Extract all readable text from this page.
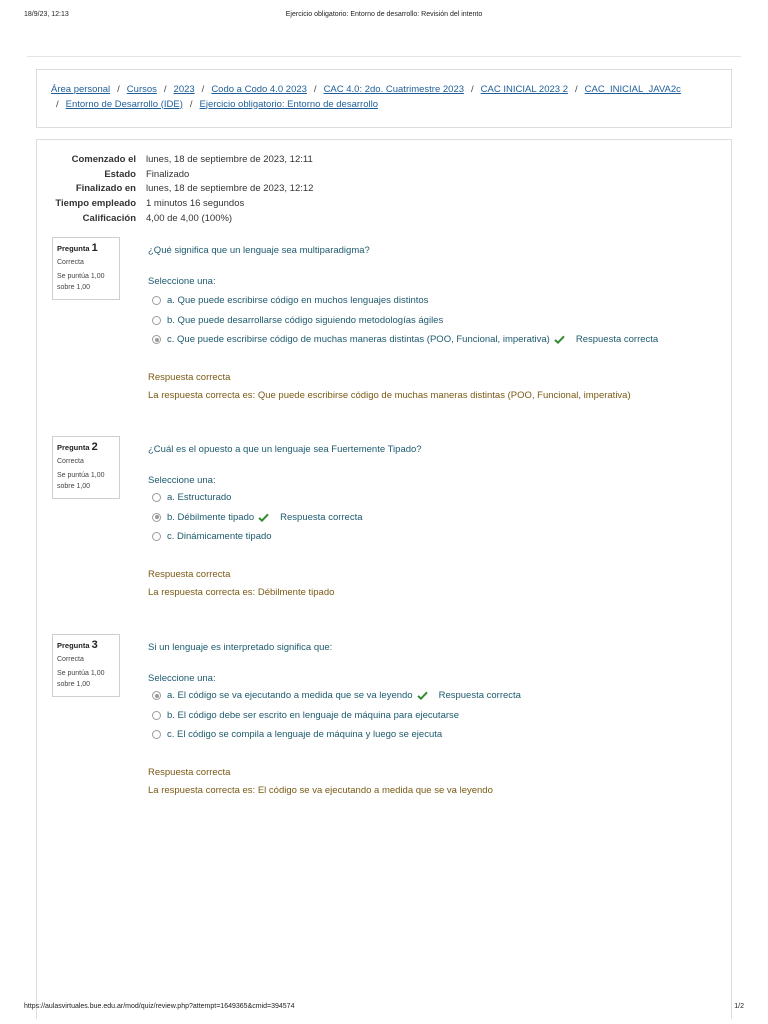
18/9/23, 12:13	Ejercicio obligatorio: Entorno de desarrollo: Revisión del intento
Área personal / Cursos / 2023 / Codo a Codo 4.0 2023 / CAC 4.0: 2do. Cuatrimestre 2023 / CAC INICIAL 2023 2 / CAC_INICIAL_JAVA2c
/ Entorno de Desarrollo (IDE) / Ejercicio obligatorio: Entorno de desarrollo
Comenzado el	lunes, 18 de septiembre de 2023, 12:11
Estado	Finalizado
Finalizado en	lunes, 18 de septiembre de 2023, 12:12
Tiempo empleado	1 minutos 16 segundos
Calificación	4,00 de 4,00 (100%)
Pregunta 1
Correcta
Se puntúa 1,00
sobre 1,00
¿Qué significa que un lenguaje sea multiparadigma?
Seleccione una:
a. Que puede escribirse código en muchos lenguajes distintos
b. Que puede desarrollarse código siguiendo metodologías ágiles
c. Que puede escribirse código de muchas maneras distintas (POO, Funcional, imperativa)	Respuesta correcta
Respuesta correcta
La respuesta correcta es: Que puede escribirse código de muchas maneras distintas (POO, Funcional, imperativa)
Pregunta 2
Correcta
Se puntúa 1,00
sobre 1,00
¿Cuál es el opuesto a que un lenguaje sea Fuertemente Tipado?
Seleccione una:
a. Estructurado
b. Débilmente tipado	Respuesta correcta
c. Dinámicamente tipado
Respuesta correcta
La respuesta correcta es: Débilmente tipado
Pregunta 3
Correcta
Se puntúa 1,00
sobre 1,00
Si un lenguaje es interpretado significa que:
Seleccione una:
a. El código se va ejecutando a medida que se va leyendo	Respuesta correcta
b. El código debe ser escrito en lenguaje de máquina para ejecutarse
c. El código se compila a lenguaje de máquina y luego se ejecuta
Respuesta correcta
La respuesta correcta es: El código se va ejecutando a medida que se va leyendo
https://aulasvirtuales.bue.edu.ar/mod/quiz/review.php?attempt=1649365&cmid=394574	1/2
